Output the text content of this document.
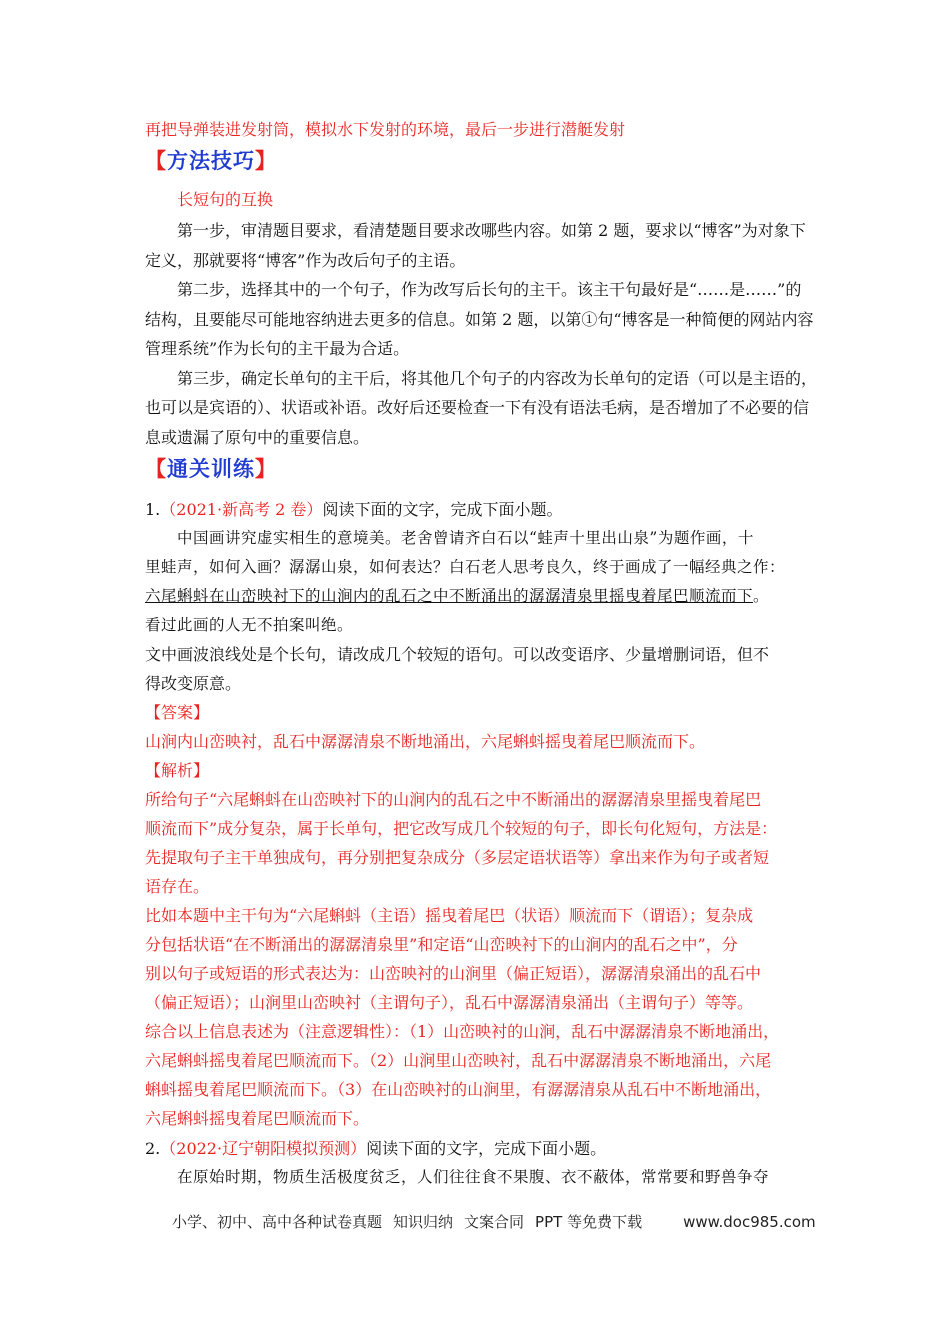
再把导弹装进发射筒，模拟水下发射的环境，最后一步进行潜艇发射

【方法技巧】

长短句的互换

第一步，审清题目要求，看清楚题目要求改哪些内容。如第 2 题，要求以“博客”为对象下定义，那就要将“博客”作为改后句子的主语。

第二步，选择其中的一个句子，作为改写后长句的主干。该主干句最好是“……是……”的结构，且要能尽可能地容纳进去更多的信息。如第 2 题，以第①句“博客是一种简便的网站内容管理系统”作为长句的主干最为合适。

第三步，确定长单句的主干后，将其他几个句子的内容改为长单句的定语（可以是主语的，也可以是宾语的）、状语或补语。改好后还要检查一下有没有语法毛病，是否增加了不必要的信息或遗漏了原句中的重要信息。

【通关训练】

1.（2021·新高考 2 卷）阅读下面的文字，完成下面小题。

中国画讲究虚实相生的意境美。老舍曾请齐白石以“蛙声十里出山泉”为题作画，十

里蛙声，如何入画？潺潺山泉，如何表达？白石老人思考良久，终于画成了一幅经典之作：

六尾蝌蚪在山峦映衬下的山涧内的乱石之中不断涌出的潺潺清泉里摇曳着尾巴顺流而下。

看过此画的人无不拍案叫绝。

文中画波浪线处是个长句，请改成几个较短的语句。可以改变语序、少量增删词语，但不

得改变原意。

【答案】

山涧内山峦映衬，乱石中潺潺清泉不断地涌出，六尾蝌蚪摇曳着尾巴顺流而下。

【解析】

所给句子“六尾蝌蚪在山峦映衬下的山涧内的乱石之中不断涌出的潺潺清泉里摇曳着尾巴

顺流而下”成分复杂，属于长单句，把它改写成几个较短的句子，即长句化短句，方法是：

先提取句子主干单独成句，再分别把复杂成分（多层定语状语等）拿出来作为句子或者短

语存在。

比如本题中主干句为“六尾蝌蚪（主语）摇曳着尾巴（状语）顺流而下（谓语）；复杂成

分包括状语“在不断涌出的潺潺清泉里”和定语“山峦映衬下的山涧内的乱石之中”，分

别以句子或短语的形式表达为：山峦映衬的山涧里（偏正短语），潺潺清泉涌出的乱石中

（偏正短语）；山涧里山峦映衬（主谓句子），乱石中潺潺清泉涌出（主谓句子）等等。

综合以上信息表述为（注意逻辑性）：（1）山峦映衬的山涧，乱石中潺潺清泉不断地涌出，

六尾蝌蚪摇曳着尾巴顺流而下。（2）山涧里山峦映衬，乱石中潺潺清泉不断地涌出，六尾

蝌蚪摇曳着尾巴顺流而下。（3）在山峦映衬的山涧里，有潺潺清泉从乱石中不断地涌出，

六尾蝌蚪摇曳着尾巴顺流而下。

2.（2022·辽宁朝阳模拟预测）阅读下面的文字，完成下面小题。

在原始时期，物质生活极度贫乏，人们往往食不果腹、衣不蔽体，常常要和野兽争夺

小学、初中、高中各种试卷真题 知识归纳 文案合同 PPT 等免费下载	www.doc985.com
